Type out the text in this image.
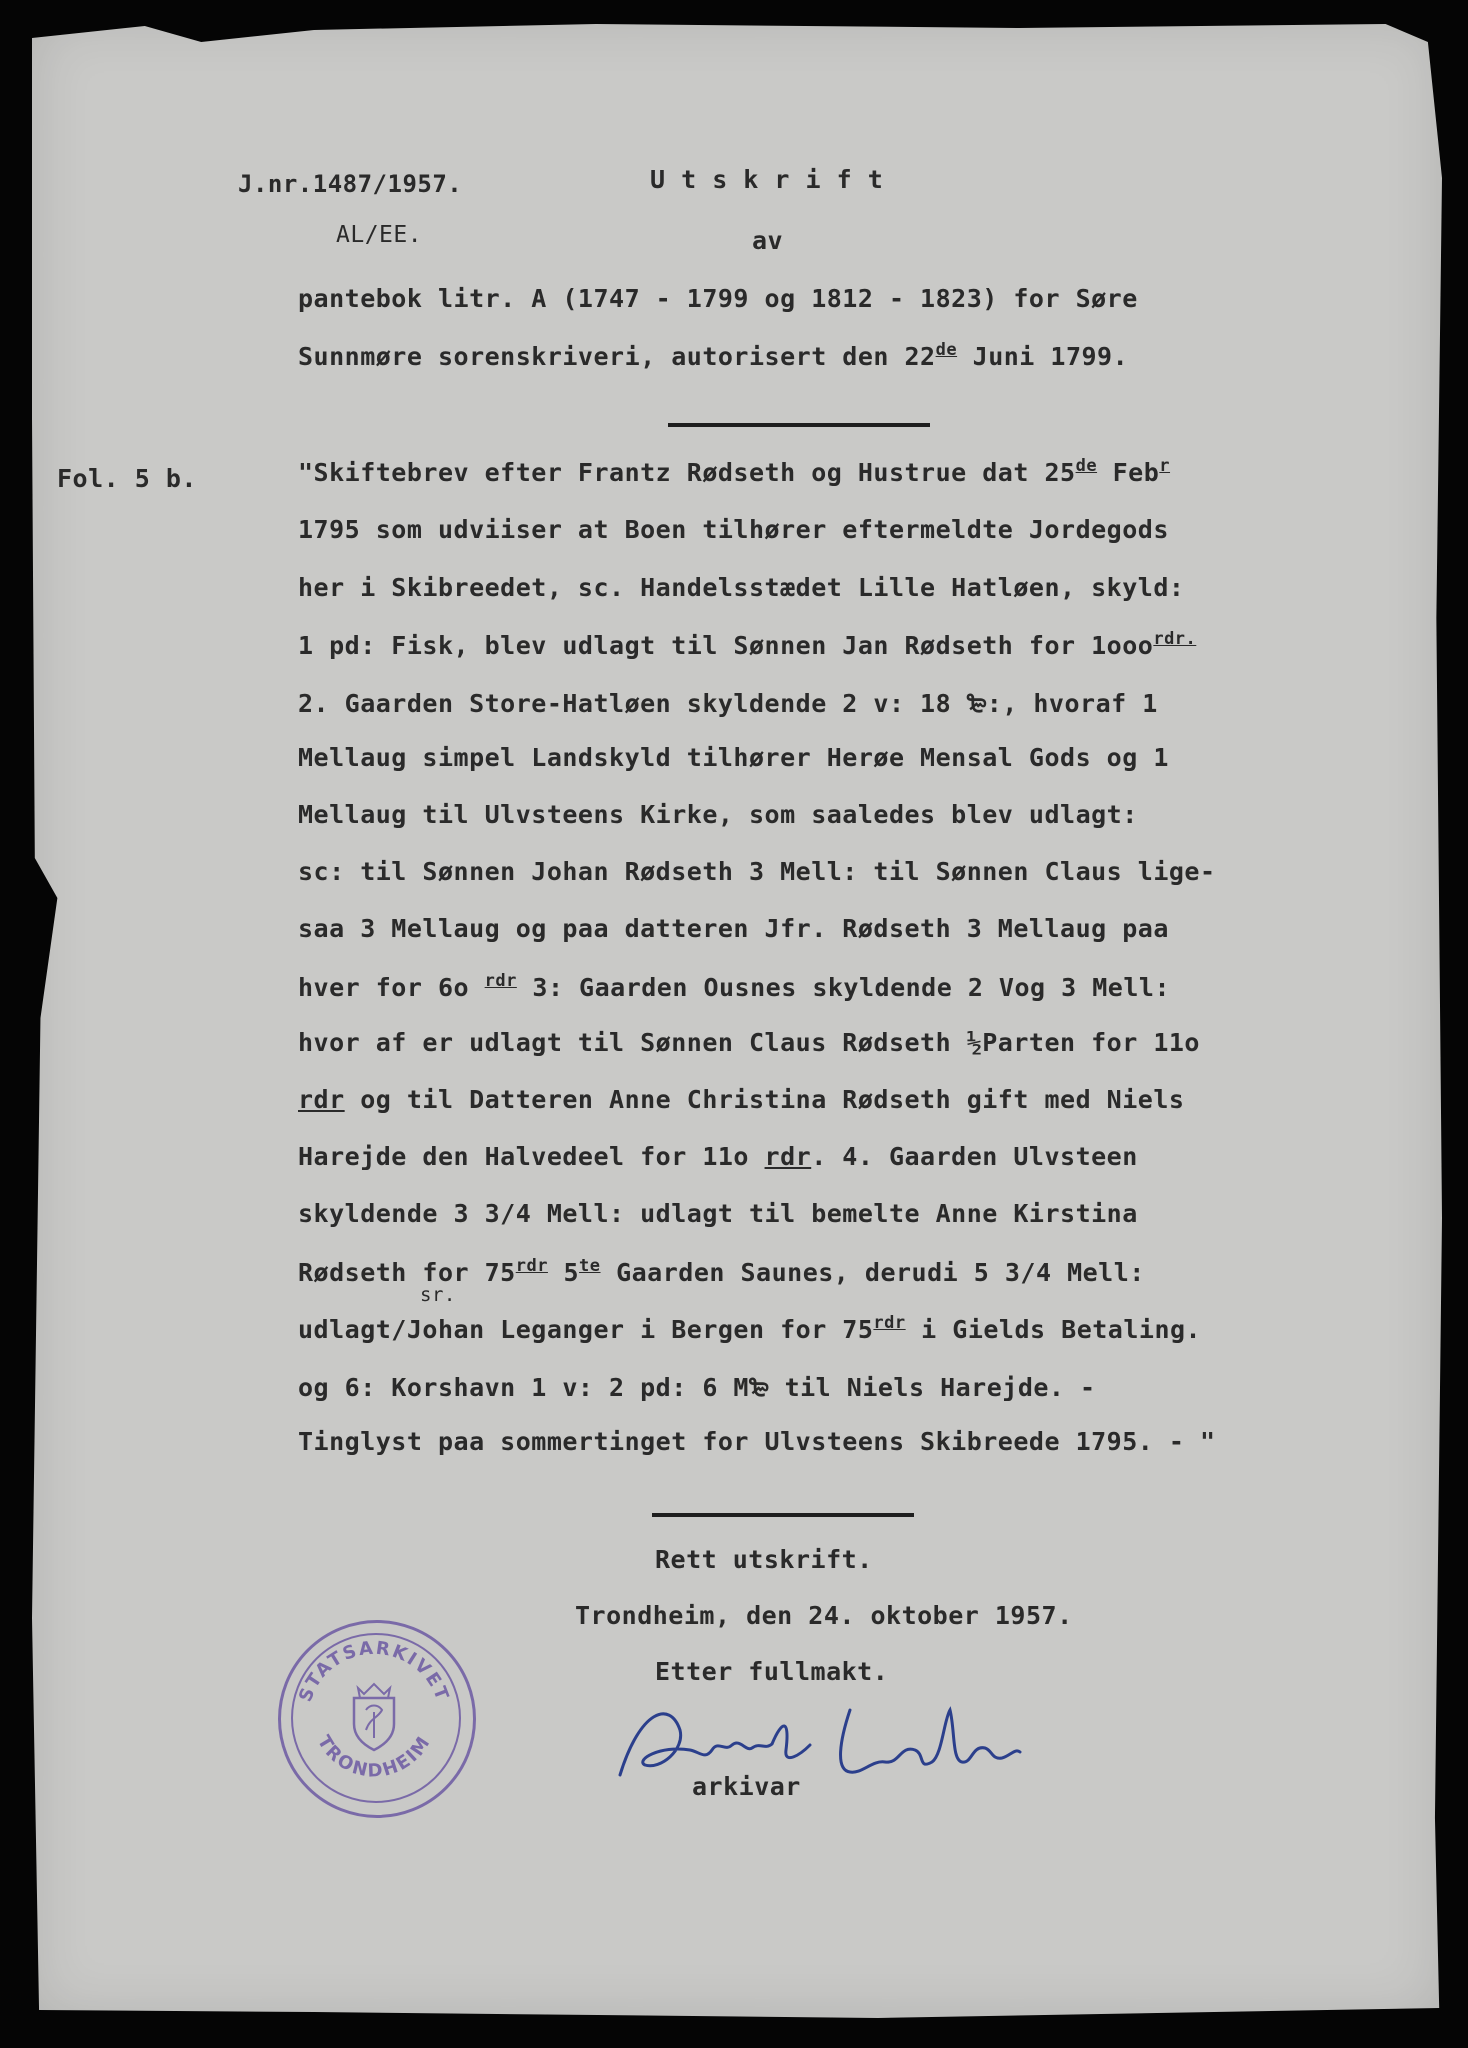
J.nr.1487/1957.	U t s k r i f t
AL/EE.	av
pantebok litr. A (1747 - 1799 og 1812 - 1823) for Søre
Sunnmøre sorenskriveri, autorisert den 22de Juni 1799.
Fol. 5 b.	"Skiftebrev efter Frantz Rødseth og Hustrue dat 25de Feb$^r$
1795 som udviiser at Boen tilhører eftermeldte Jordegods
her i Skibreedet, sc. Handelsstædet Lille Hatløen, skyld:
1 pd: Fisk, blev udlagt til Sønnen Jan Rødseth for 1ooo$^{rdr.}$
2. Gaarden Store-Hatløen skyldende 2 v: 18 ₻:, hvoraf 1
Mellaug simpel Landskyld tilhører Herøe Mensal Gods og 1
Mellaug til Ulvsteens Kirke, som saaledes blev udlagt:
sc: til Sønnen Johan Rødseth 3 Mell: til Sønnen Claus lige-
saa 3 Mellaug og paa datteren Jfr. Rødseth 3 Mellaug paa
hver for 6o $^{rdr}$ 3: Gaarden Ousnes skyldende 2 Vog 3 Mell:
hvor af er udlagt til Sønnen Claus Rødseth ½Parten for 11o
rdr og til Datteren Anne Christina Rødseth gift med Niels
Harejde den Halvedeel for 11o rdr. 4. Gaarden Ulvsteen
skyldende 3 3/4 Mell: udlagt til bemelte Anne Kirstina
Rødseth for $75^{rdr}$ $5^{te}$ Gaarden Saunes, derudi 5 3/4 Mell:
sr.
udlagt/Johan Leganger i Bergen for $75^{rdr}$ i Gields Betaling.
og 6: Korshavn 1 v: 2 pd: 6 M₻ til Niels Harejde. -
Tinglyst paa sommertinget for Ulvsteens Skibreede 1795. - "
Rett utskrift.
Trondheim, den 24. oktober 1957.
Etter fullmakt.
arkivar
STATSARKIVET
TRONDHEIM
